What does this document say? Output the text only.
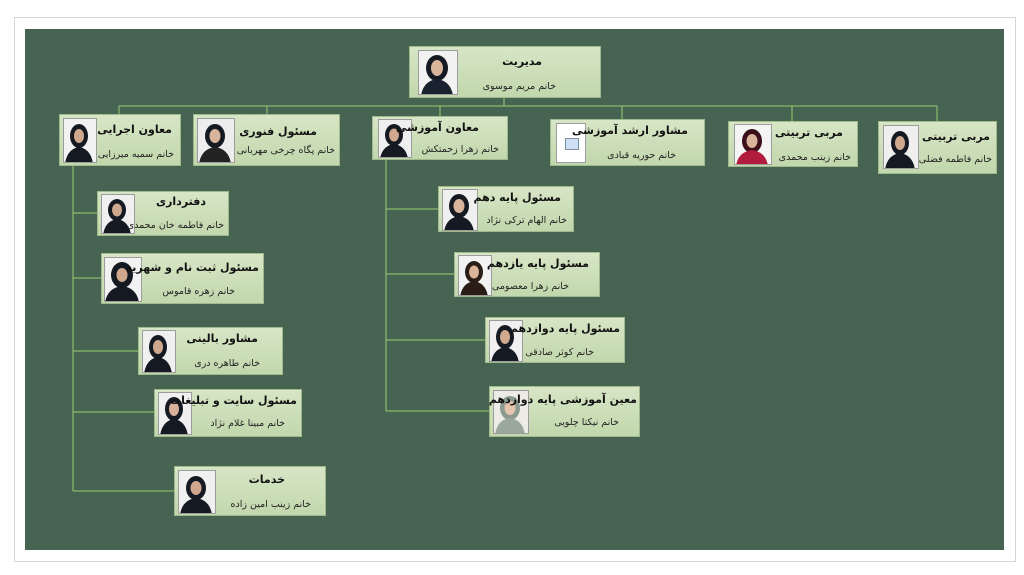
مدیریت
خانم مریم موسوی
معاون اجرایی
خانم سمیه میرزایی
مسئول فنوری
خانم پگاه چرخی مهربانی
معاون آموزشی
خانم زهرا زحمتکش
مشاور ارشد آموزشی
خانم حوریه قبادی
مربی تربیتی
خانم زینب محمدی
مربی تربیتی
خانم فاطمه فضلی
دفترداری
خانم فاطمه خان محمدی
مسئول ثبت نام و شهریه
خانم زهره قاموس
مشاور بالینی
خانم طاهره دری
مسئول سایت و تبلیغات
خانم مبینا غلام نژاد
خدمات
خانم زینب امین زاده
مسئول پایه دهم
خانم الهام ترکی نژاد
مسئول پایه یازدهم
خانم زهرا معصومی
مسئول پایه دوازدهم
خانم کوثر صادقی
معین آموزشی پایه دوازدهم
خانم نیکتا چلویی
